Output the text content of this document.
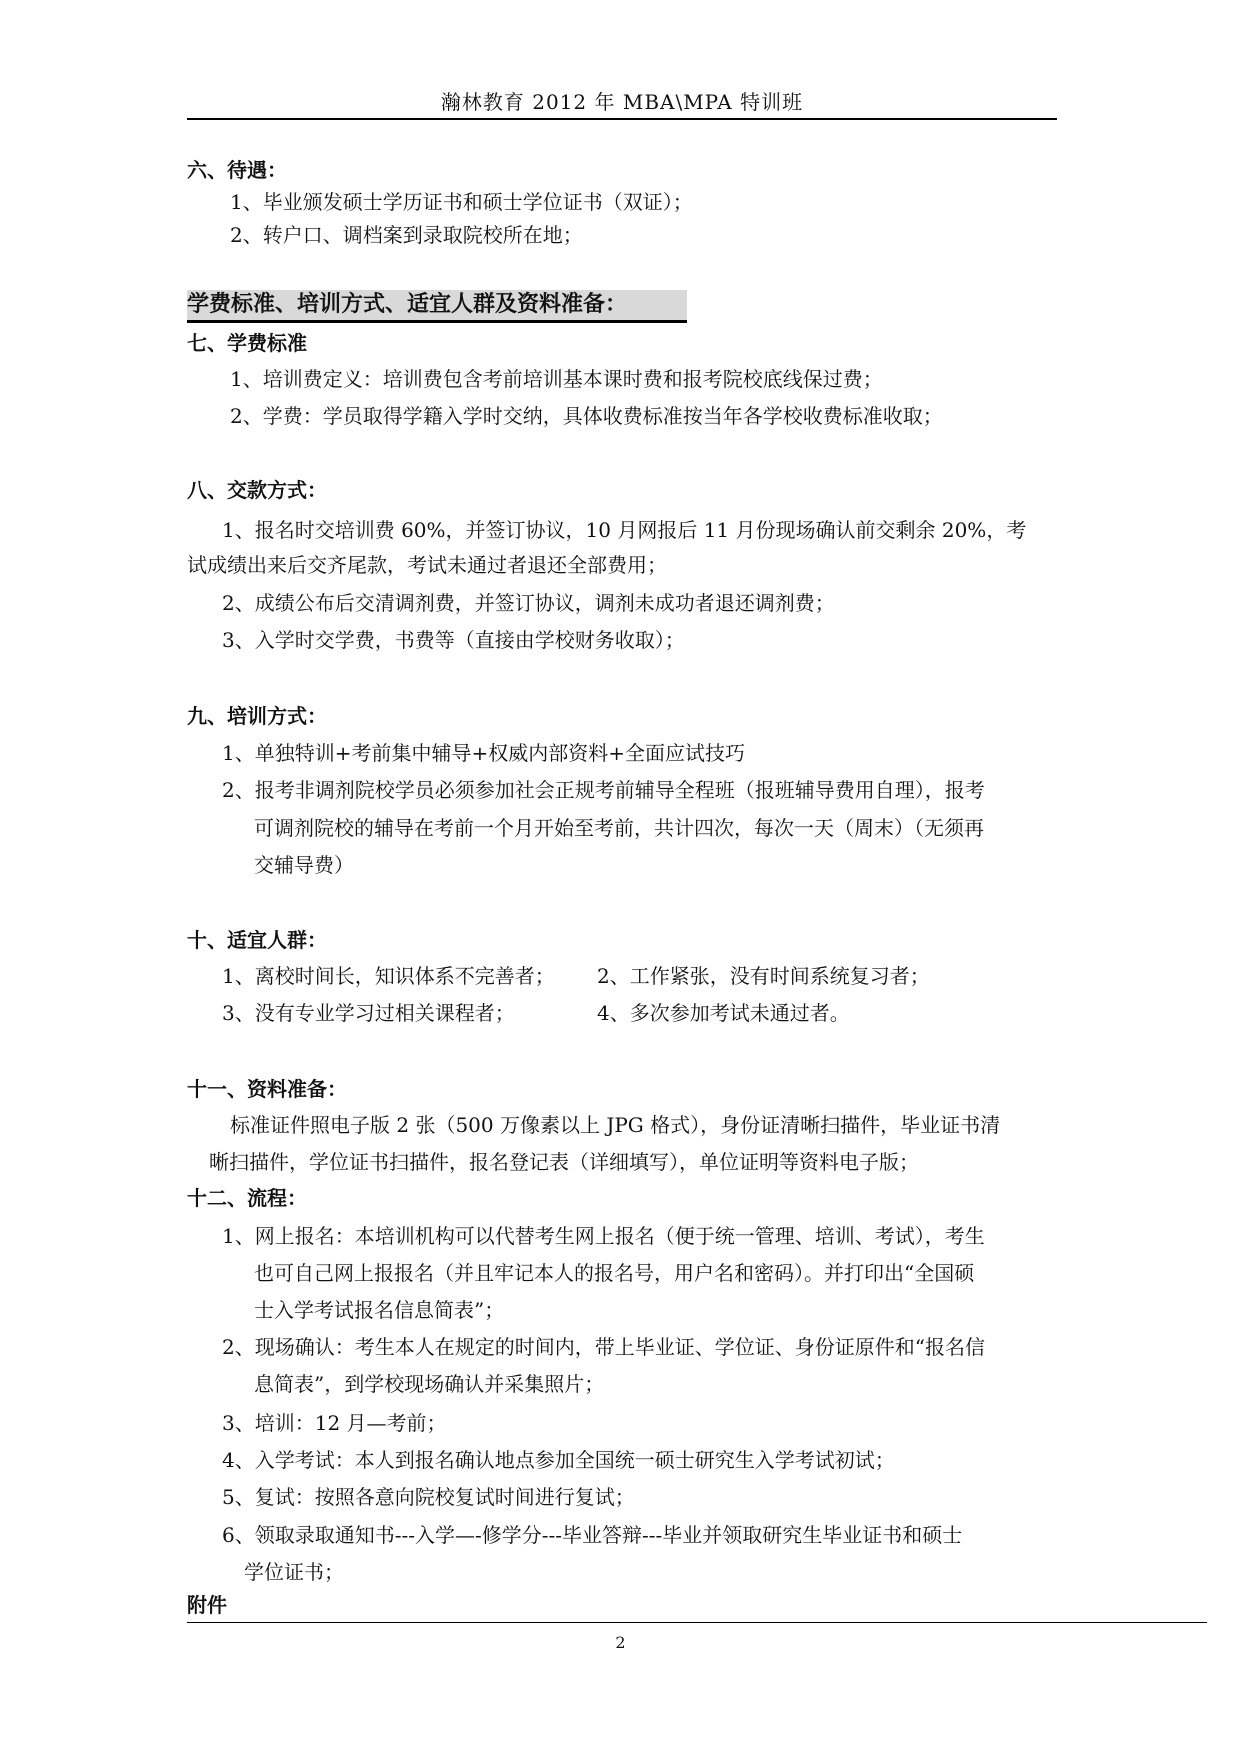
瀚林教育 2012 年 MBA\MPA 特训班
六、待遇：
1、毕业颁发硕士学历证书和硕士学位证书（双证）；
2、转户口、调档案到录取院校所在地；
学费标准、培训方式、适宜人群及资料准备：
七、学费标准
1、培训费定义：培训费包含考前培训基本课时费和报考院校底线保过费；
2、学费：学员取得学籍入学时交纳，具体收费标准按当年各学校收费标准收取；
八、交款方式：
1、报名时交培训费 60%，并签订协议，10 月网报后 11 月份现场确认前交剩余 20%，考
试成绩出来后交齐尾款，考试未通过者退还全部费用；
2、成绩公布后交清调剂费，并签订协议，调剂未成功者退还调剂费；
3、入学时交学费，书费等（直接由学校财务收取）；
九、培训方式：
1、单独特训+考前集中辅导+权威内部资料+全面应试技巧
2、报考非调剂院校学员必须参加社会正规考前辅导全程班（报班辅导费用自理），报考
可调剂院校的辅导在考前一个月开始至考前，共计四次，每次一天（周末）（无须再
交辅导费）
十、适宜人群：
1、离校时间长，知识体系不完善者； 2、工作紧张，没有时间系统复习者；
3、没有专业学习过相关课程者；	4、多次参加考试未通过者。
十一、资料准备：
标准证件照电子版 2 张（500 万像素以上 JPG 格式），身份证清晰扫描件，毕业证书清
晰扫描件，学位证书扫描件，报名登记表（详细填写），单位证明等资料电子版；
十二、流程：
1、网上报名：本培训机构可以代替考生网上报名（便于统一管理、培训、考试），考生
也可自己网上报报名（并且牢记本人的报名号，用户名和密码）。并打印出“全国硕
士入学考试报名信息简表”；
2、现场确认：考生本人在规定的时间内，带上毕业证、学位证、身份证原件和“报名信
息简表”，到学校现场确认并采集照片；
3、培训：12 月—考前；
4、入学考试：本人到报名确认地点参加全国统一硕士研究生入学考试初试；
5、复试：按照各意向院校复试时间进行复试；
6、领取录取通知书---入学—-修学分---毕业答辩---毕业并领取研究生毕业证书和硕士
学位证书；
附件
2
